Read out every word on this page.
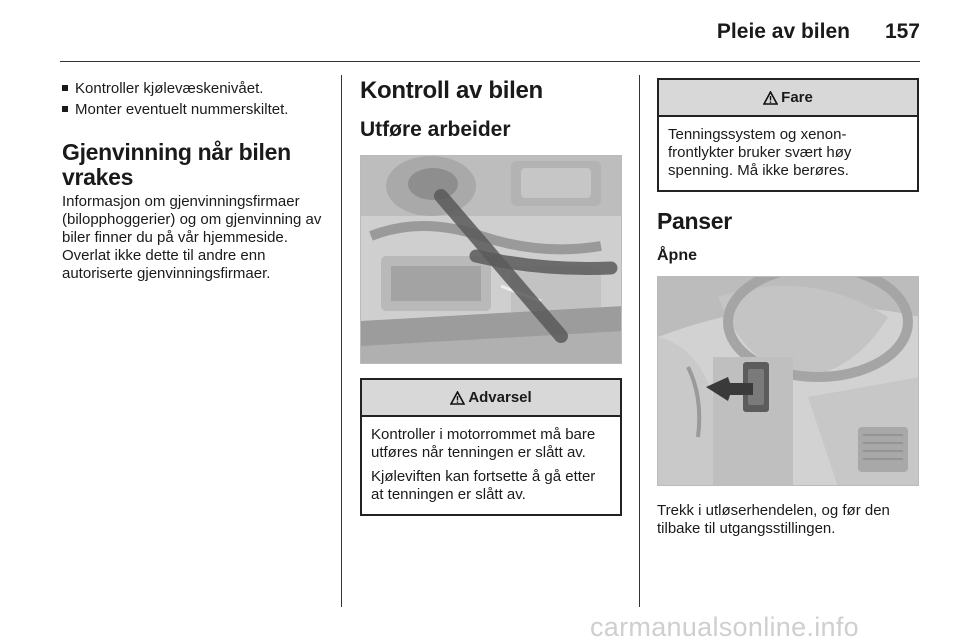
Pleie av bilen 157
Kontroller kjølevæskenivået.
Monter eventuelt nummerskiltet.
Gjenvinning når bilen vrakes
Informasjon om gjenvinningsfirmaer (bilopphoggerier) og om gjenvinning av biler finner du på vår hjemmeside. Overlat ikke dette til andre enn autoriserte gjenvinningsfirmaer.
Kontroll av bilen
Utføre arbeider
Advarsel
Kontroller i motorrommet må bare utføres når tenningen er slått av.
Kjøleviften kan fortsette å gå etter at tenningen er slått av.
Fare
Tenningssystem og xenon-frontlykter bruker svært høy spenning. Må ikke berøres.
Panser
Åpne
Trekk i utløserhendelen, og før den tilbake til utgangsstillingen.
carmanualsonline.info
